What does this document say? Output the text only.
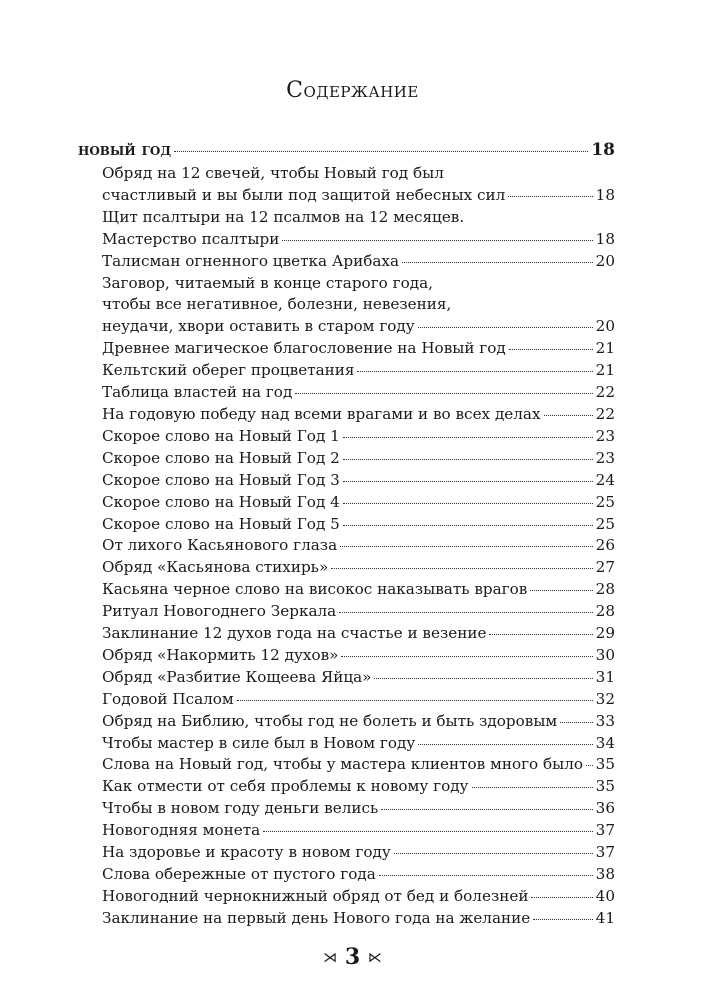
Содержание
новый год	18
Обряд на 12 свечей, чтобы Новый год был
счастливый и вы были под защитой небесных сил	18
Щит псалтыри на 12 псалмов на 12 месяцев.
Мастерство псалтыри	18
Талисман огненного цветка Арибаха	20
Заговор, читаемый в конце старого года,
чтобы все негативное, болезни, невезения,
неудачи, хвори оставить в старом году	20
Древнее магическое благословение на Новый год	21
Кельтский оберег процветания	21
Таблица властей на год	22
На годовую победу над всеми врагами и во всех делах	22
Скорое слово на Новый Год 1	23
Скорое слово на Новый Год 2	23
Скорое слово на Новый Год 3	24
Скорое слово на Новый Год 4	25
Скорое слово на Новый Год 5	25
От лихого Касьянового глаза	26
Обряд «Касьянова стихирь»	27
Касьяна черное слово на високос наказывать врагов	28
Ритуал Новогоднего Зеркала	28
Заклинание 12 духов года на счастье и везение	29
Обряд «Накормить 12 духов»	30
Обряд «Разбитие Кощеева Яйца»	31
Годовой Псалом	32
Обряд на Библию, чтобы год не болеть и быть здоровым	33
Чтобы мастер в силе был в Новом году	34
Слова на Новый год, чтобы у мастера клиентов много было 35
Как отмести от себя проблемы к новому году	35
Чтобы в новом году деньги велись	36
Новогодняя монета	37
На здоровье и красоту в новом году	37
Слова обережные от пустого года	38
Новогодний чернокнижный обряд от бед и болезней	40
Заклинание на первый день Нового года на желание	41
⋊ 3 ⋉
